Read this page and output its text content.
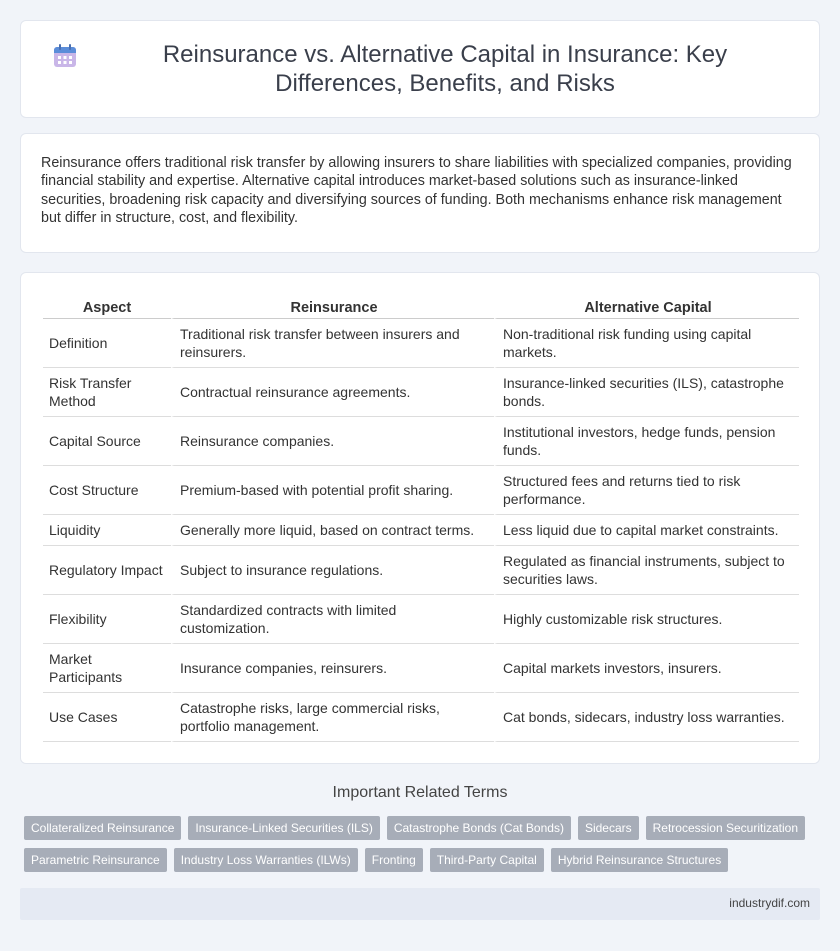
Reinsurance vs. Alternative Capital in Insurance: Key Differences, Benefits, and Risks

Reinsurance offers traditional risk transfer by allowing insurers to share liabilities with specialized companies, providing financial stability and expertise. Alternative capital introduces market-based solutions such as insurance-linked securities, broadening risk capacity and diversifying sources of funding. Both mechanisms enhance risk management but differ in structure, cost, and flexibility.

Aspect	Reinsurance	Alternative Capital
Definition	Traditional risk transfer between insurers and reinsurers.	Non-traditional risk funding using capital markets.
Risk Transfer Method	Contractual reinsurance agreements.	Insurance-linked securities (ILS), catastrophe bonds.
Capital Source	Reinsurance companies.	Institutional investors, hedge funds, pension funds.
Cost Structure	Premium-based with potential profit sharing.	Structured fees and returns tied to risk performance.
Liquidity	Generally more liquid, based on contract terms.	Less liquid due to capital market constraints.
Regulatory Impact	Subject to insurance regulations.	Regulated as financial instruments, subject to securities laws.
Flexibility	Standardized contracts with limited customization.	Highly customizable risk structures.
Market Participants	Insurance companies, reinsurers.	Capital markets investors, insurers.
Use Cases	Catastrophe risks, large commercial risks, portfolio management.	Cat bonds, sidecars, industry loss warranties.
Important Related Terms
Collateralized Reinsurance	Insurance-Linked Securities (ILS)	Catastrophe Bonds (Cat Bonds)	Sidecars	Retrocession Securitization
Parametric Reinsurance	Industry Loss Warranties (ILWs)	Fronting	Third-Party Capital	Hybrid Reinsurance Structures
industrydif.com
